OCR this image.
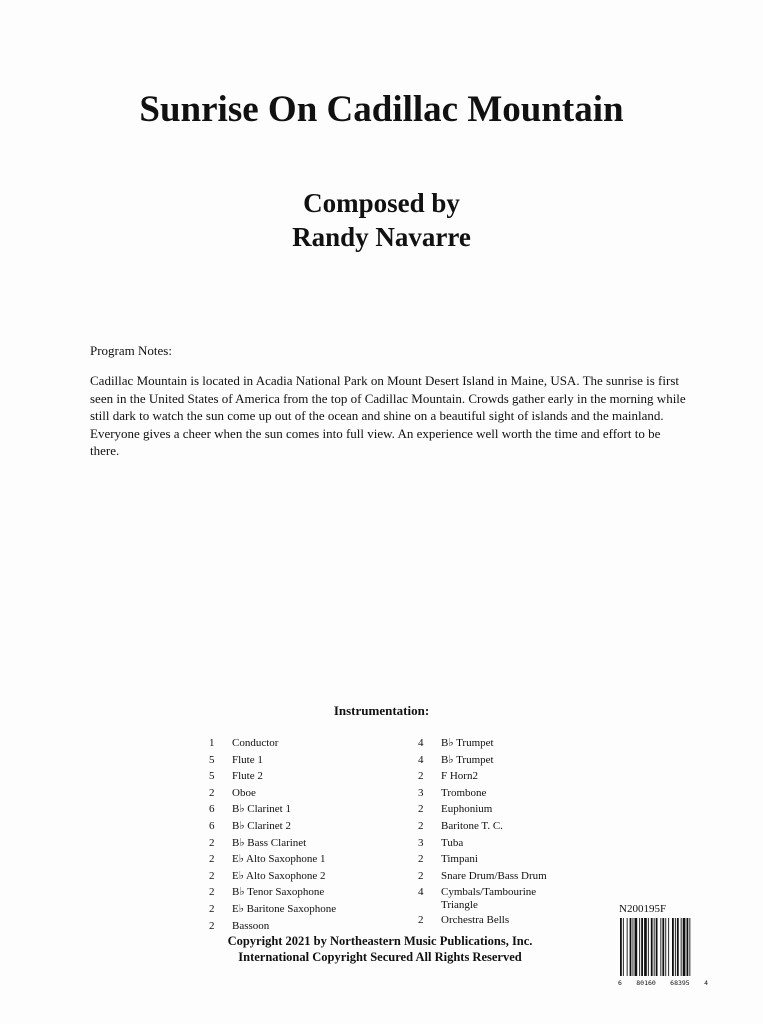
Sunrise On Cadillac Mountain
Composed by
Randy Navarre
Program Notes:
Cadillac Mountain is located in Acadia National Park on Mount Desert Island in Maine, USA. The sunrise is first seen in the United States of America from the top of Cadillac Mountain. Crowds gather early in the morning while still dark to watch the sun come up out of the ocean and shine on a beautiful sight of islands and the mainland. Everyone gives a cheer when the sun comes into full view. An experience well worth the time and effort to be there.
Instrumentation:
1	Conductor
5	Flute 1
5	Flute 2
2	Oboe
6	B♭ Clarinet 1
6	B♭ Clarinet 2
2	B♭ Bass Clarinet
2	E♭ Alto Saxophone 1
2	E♭ Alto Saxophone 2
2	B♭ Tenor Saxophone
2	E♭ Baritone Saxophone
2	Bassoon
4	B♭ Trumpet
4	B♭ Trumpet
2	F Horn2
3	Trombone
2	Euphonium
2	Baritone T. C.
3	Tuba
2	Timpani
2	Snare Drum/Bass Drum
4	Cymbals/Tambourine
Triangle
2	Orchestra Bells
N200195F
Copyright 2021 by Northeastern Music Publications, Inc.
International Copyright Secured All Rights Reserved
6 80160 68395 4
